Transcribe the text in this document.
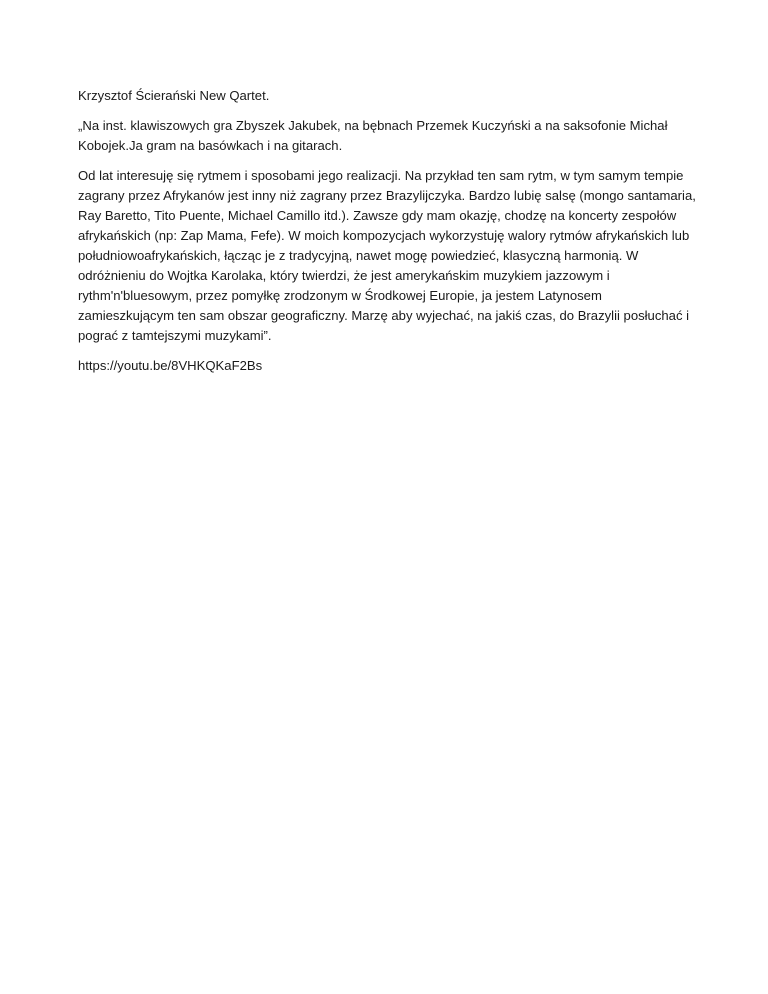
Krzysztof Ścierański New Qartet.

„Na inst. klawiszowych gra Zbyszek Jakubek, na bębnach Przemek Kuczyński a na saksofonie Michał Kobojek.Ja gram na basówkach i na gitarach.

Od lat interesuję się rytmem i sposobami jego realizacji. Na przykład ten sam rytm, w tym samym tempie zagrany przez Afrykanów jest inny niż zagrany przez Brazylijczyka. Bardzo lubię salsę (mongo santamaria, Ray Baretto, Tito Puente, Michael Camillo itd.). Zawsze gdy mam okazję, chodzę na koncerty zespołów afrykańskich (np: Zap Mama, Fefe). W moich kompozycjach wykorzystuję walory rytmów afrykańskich lub południowoafrykańskich, łącząc je z tradycyjną, nawet mogę powiedzieć, klasyczną harmonią. W odróżnieniu do Wojtka Karolaka, który twierdzi, że jest amerykańskim muzykiem jazzowym i rythm'n'bluesowym, przez pomyłkę zrodzonym w Środkowej Europie, ja jestem Latynosem zamieszkującym ten sam obszar geograficzny. Marzę aby wyjechać, na jakiś czas, do Brazylii posłuchać i pograć z tamtejszymi muzykami”.

https://youtu.be/8VHKQKaF2Bs
